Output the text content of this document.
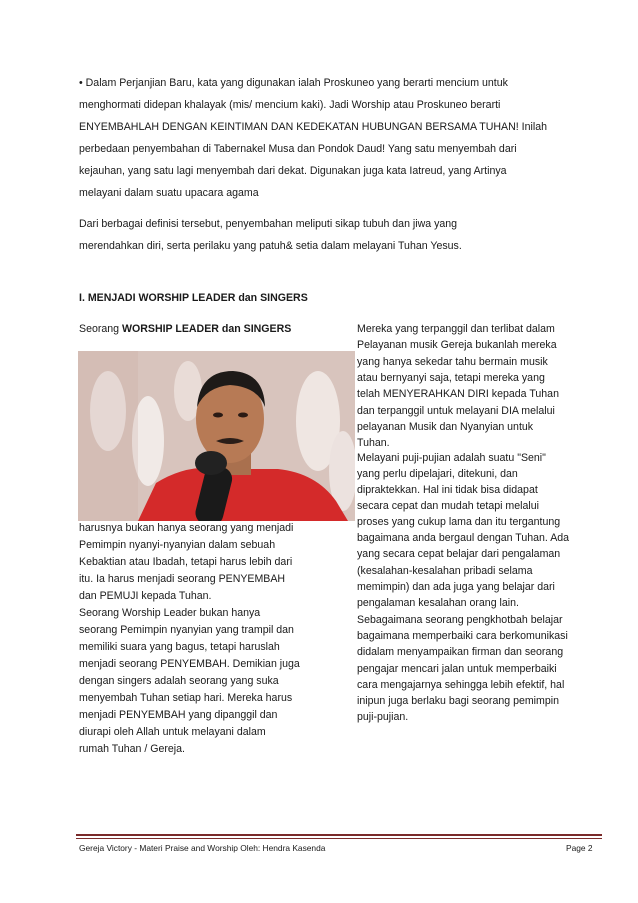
• Dalam Perjanjian Baru, kata yang digunakan ialah Proskuneo yang berarti mencium untuk
menghormati didepan khalayak (mis/ mencium kaki). Jadi Worship atau Proskuneo berarti
ENYEMBAHLAH DENGAN KEINTIMAN DAN KEDEKATAN HUBUNGAN BERSAMA TUHAN! Inilah
perbedaan penyembahan di Tabernakel Musa dan Pondok Daud! Yang satu menyembah dari
kejauhan, yang satu lagi menyembah dari dekat. Digunakan juga kata Iatreud, yang Artinya
melayani dalam suatu upacara agama
Dari berbagai definisi tersebut, penyembahan meliputi sikap tubuh dan jiwa yang
merendahkan diri, serta perilaku yang patuh& setia dalam melayani Tuhan Yesus.
I. MENJADI WORSHIP LEADER dan SINGERS
Seorang WORSHIP LEADER dan SINGERS
harusnya bukan hanya seorang yang menjadi
Pemimpin nyanyi-nyanyian dalam sebuah
Kebaktian atau Ibadah, tetapi harus lebih dari
itu. Ia harus menjadi seorang PENYEMBAH
dan PEMUJI kepada Tuhan.
Seorang Worship Leader bukan hanya
seorang Pemimpin nyanyian yang trampil dan
memiliki suara yang bagus, tetapi haruslah
menjadi seorang PENYEMBAH. Demikian juga
dengan singers adalah seorang yang suka
menyembah Tuhan setiap hari. Mereka harus
menjadi PENYEMBAH yang dipanggil dan
diurapi oleh Allah untuk melayani dalam
rumah Tuhan / Gereja.
Mereka yang terpanggil dan terlibat dalam
Pelayanan musik Gereja bukanlah mereka
yang hanya sekedar tahu bermain musik
atau bernyanyi saja, tetapi mereka yang
telah MENYERAHKAN DIRI kepada Tuhan
dan terpanggil untuk melayani DIA melalui
pelayanan Musik dan Nyanyian untuk
Tuhan.
Melayani puji-pujian adalah suatu "Seni"
yang perlu dipelajari, ditekuni, dan
dipraktekkan. Hal ini tidak bisa didapat
secara cepat dan mudah tetapi melalui
proses yang cukup lama dan itu tergantung
bagaimana anda bergaul dengan Tuhan. Ada
yang secara cepat belajar dari pengalaman
(kesalahan-kesalahan pribadi selama
memimpin) dan ada juga yang belajar dari
pengalaman kesalahan orang lain.
Sebagaimana seorang pengkhotbah belajar
bagaimana memperbaiki cara berkomunikasi
didalam menyampaikan firman dan seorang
pengajar mencari jalan untuk memperbaiki
cara mengajarnya sehingga lebih efektif, hal
inipun juga berlaku bagi seorang pemimpin
puji-pujian.
Gereja Victory - Materi Praise and Worship Oleh: Hendra Kasenda	Page 2
